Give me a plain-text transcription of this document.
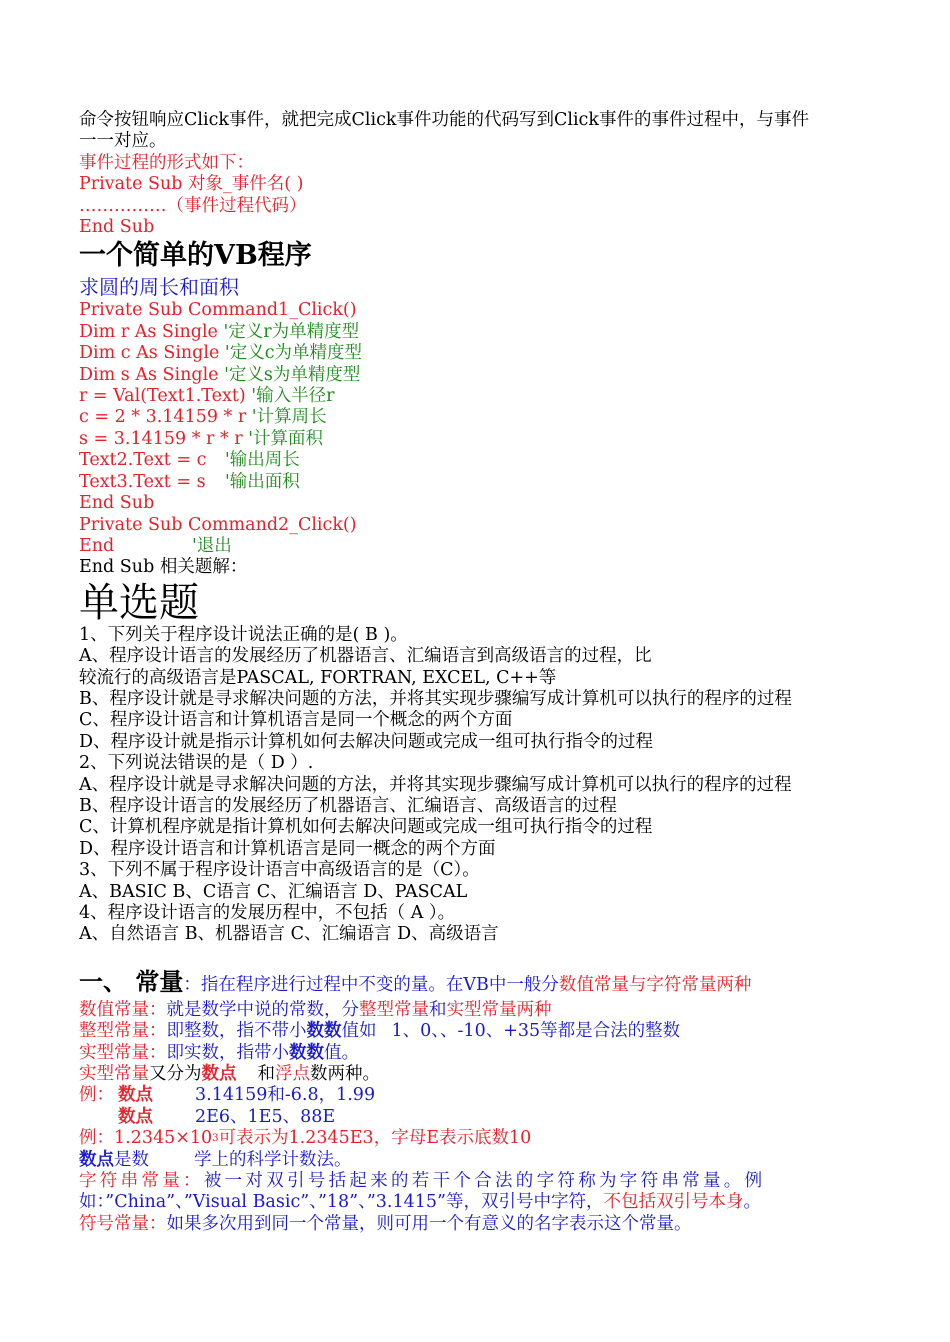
命令按钮响应Click事件，就把完成Click事件功能的代码写到Click事件的事件过程中，与事件
一一对应。
事件过程的形式如下：
Private Sub 对象_事件名( )
……………（事件过程代码）
End Sub
一个简单的VB程序
求圆的周长和面积
Private Sub Command1_Click()
Dim r As Single '定义r为单精度型
Dim c As Single '定义c为单精度型
Dim s As Single '定义s为单精度型
r = Val(Text1.Text) '输入半径r
c = 2 * 3.14159 * r '计算周长
s = 3.14159 * r * r '计算面积
Text2.Text = c '输出周长
Text3.Text = s '输出面积
End Sub
Private Sub Command2_Click()
End	'退出
End Sub 相关题解：
单选题
1、下列关于程序设计说法正确的是( B )。
A、程序设计语言的发展经历了机器语言、汇编语言到高级语言的过程，比
较流行的高级语言是PASCAL, FORTRAN, EXCEL, C++等
B、程序设计就是寻求解决问题的方法，并将其实现步骤编写成计算机可以执行的程序的过程
C、程序设计语言和计算机语言是同一个概念的两个方面
D、程序设计就是指示计算机如何去解决问题或完成一组可执行指令的过程
2、下列说法错误的是（ D ）.
A、程序设计就是寻求解决问题的方法，并将其实现步骤编写成计算机可以执行的程序的过程
B、程序设计语言的发展经历了机器语言、汇编语言、高级语言的过程
C、计算机程序就是指计算机如何去解决问题或完成一组可执行指令的过程
D、程序设计语言和计算机语言是同一概念的两个方面
3、下列不属于程序设计语言中高级语言的是（C）。
A、BASIC B、C语言 C、汇编语言 D、PASCAL
4、程序设计语言的发展历程中，不包括（ A ）。
A、自然语言 B、机器语言 C、汇编语言 D、高级语言
一、 常量：指在程序进行过程中不变的量。在VB中一般分数值常量与字符常量两种
数值常量：就是数学中说的常数，分整型常量和实型常量两种
整型常量：即整数，指不带小数数值如 1、0、、-10、+35等都是合法的整数
实型常量：即实数，指带小数数值。
实型常量又分为数点 和浮点数两种。
例： 数点 3.14159和-6.8，1.99
数点 2E6、1E5、88E
例：$1.2345\times 10^3$可表示为1.2345E3，字母E表示底数10
数点是数	学上的科学计数法。
字符串常量：被一对双引号括起来的若干个合法的字符称为字符串常量。例
如：”China”、”Visual Basic”、”18”、”3.1415”等，双引号中字符，不包括双引号本身。
符号常量：如果多次用到同一个常量，则可用一个有意义的名字表示这个常量。
